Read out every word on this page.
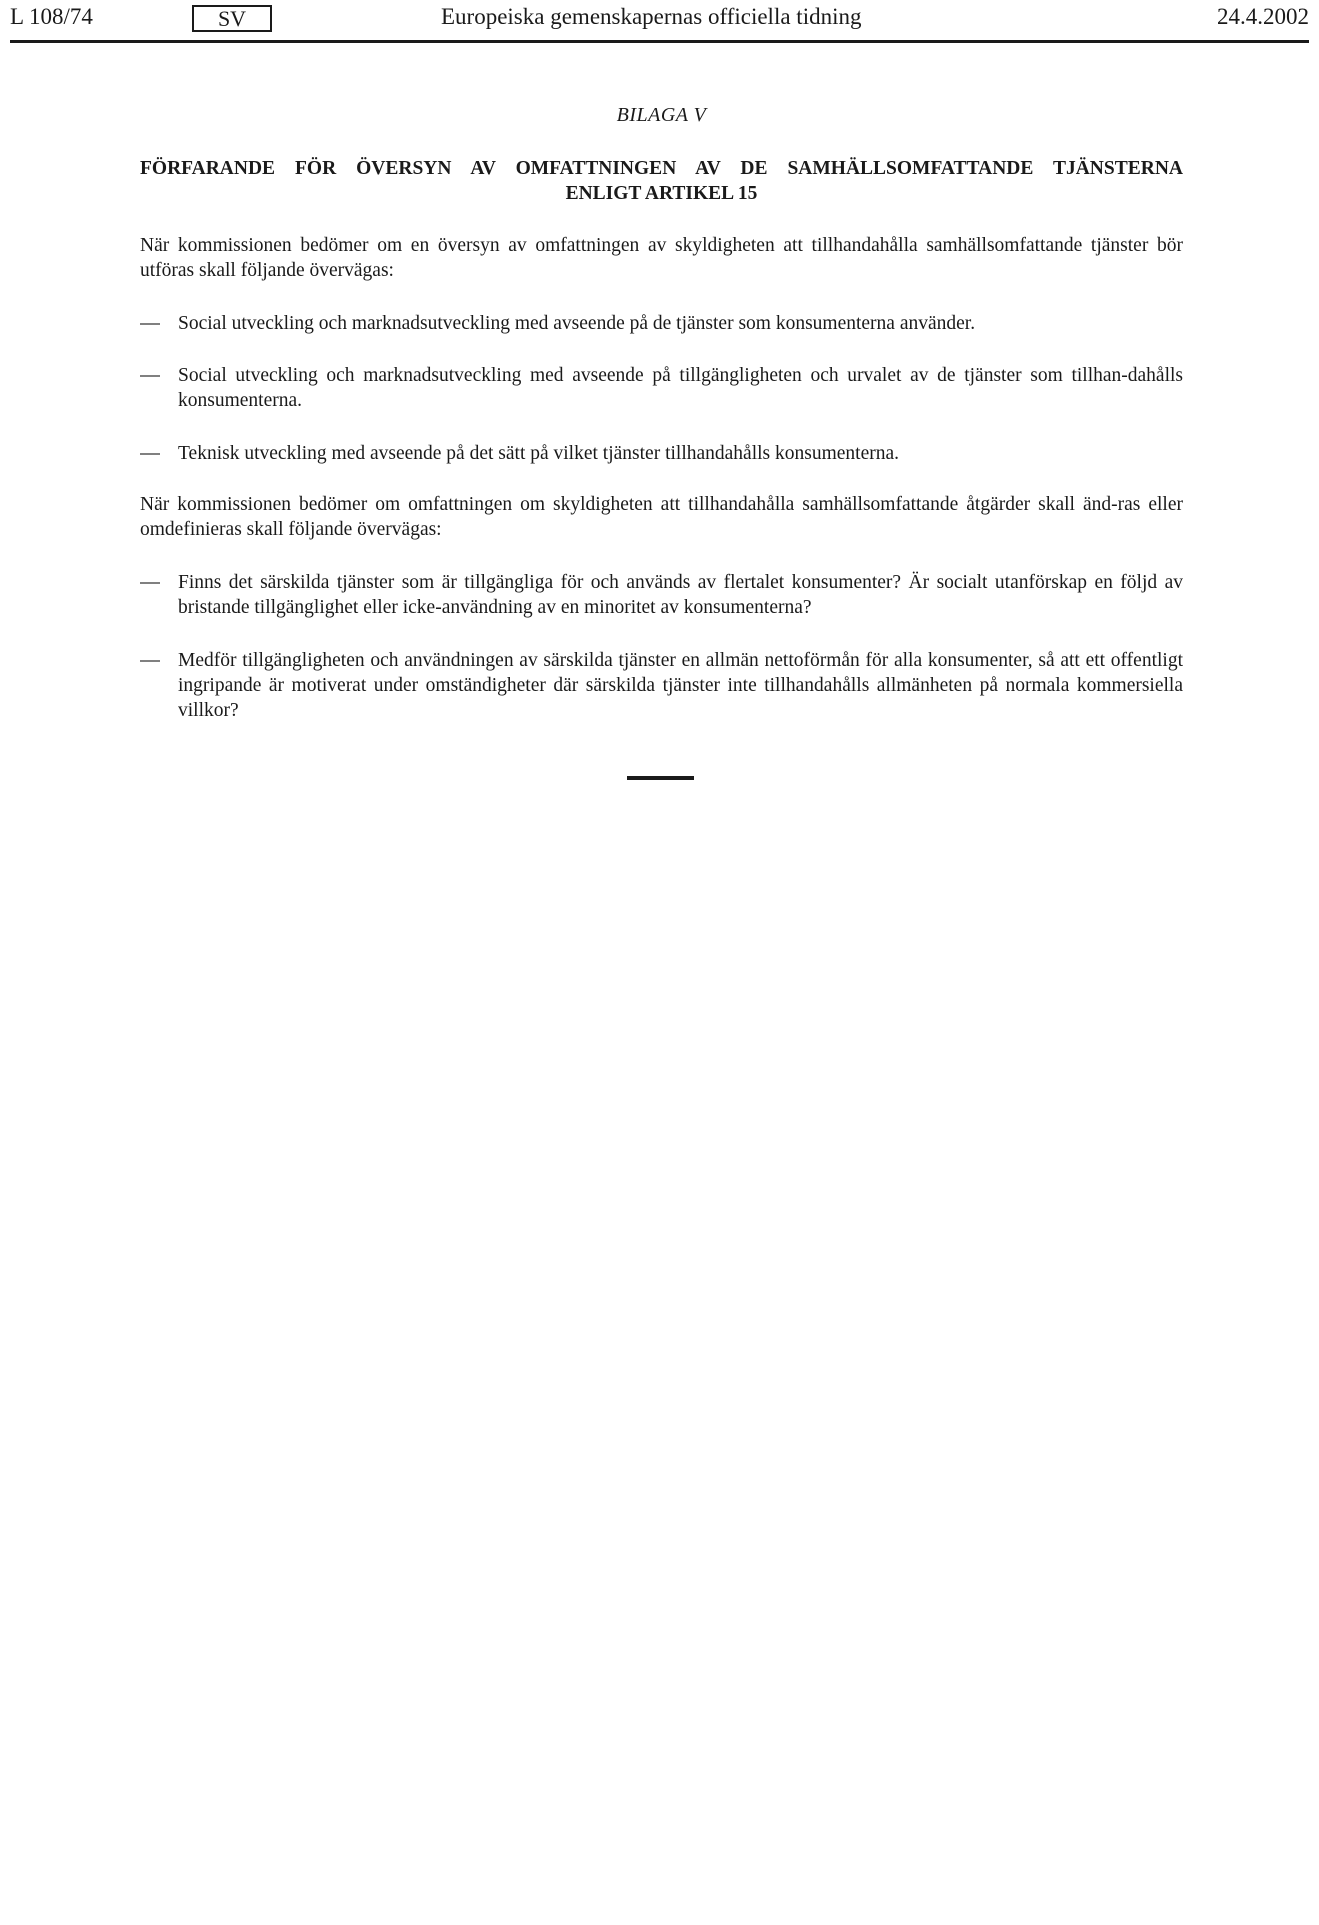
L 108/74	SV	Europeiska gemenskapernas officiella tidning	24.4.2002
BILAGA V
FÖRFARANDE FÖR ÖVERSYN AV OMFATTNINGEN AV DE SAMHÄLLSOMFATTANDE TJÄNSTERNA
ENLIGT ARTIKEL 15

När kommissionen bedömer om en översyn av omfattningen av skyldigheten att tillhandahålla samhällsomfattande tjänster bör utföras skall följande övervägas:

Social utveckling och marknadsutveckling med avseende på de tjänster som konsumenterna använder.
Social utveckling och marknadsutveckling med avseende på tillgängligheten och urvalet av de tjänster som tillhan-dahålls konsumenterna.
Teknisk utveckling med avseende på det sätt på vilket tjänster tillhandahålls konsumenterna.

När kommissionen bedömer om omfattningen om skyldigheten att tillhandahålla samhällsomfattande åtgärder skall änd-ras eller omdefinieras skall följande övervägas:

Finns det särskilda tjänster som är tillgängliga för och används av flertalet konsumenter? Är socialt utanförskap en följd av bristande tillgänglighet eller icke-användning av en minoritet av konsumenterna?
Medför tillgängligheten och användningen av särskilda tjänster en allmän nettoförmån för alla konsumenter, så att ett offentligt ingripande är motiverat under omständigheter där särskilda tjänster inte tillhandahålls allmänheten på normala kommersiella villkor?
